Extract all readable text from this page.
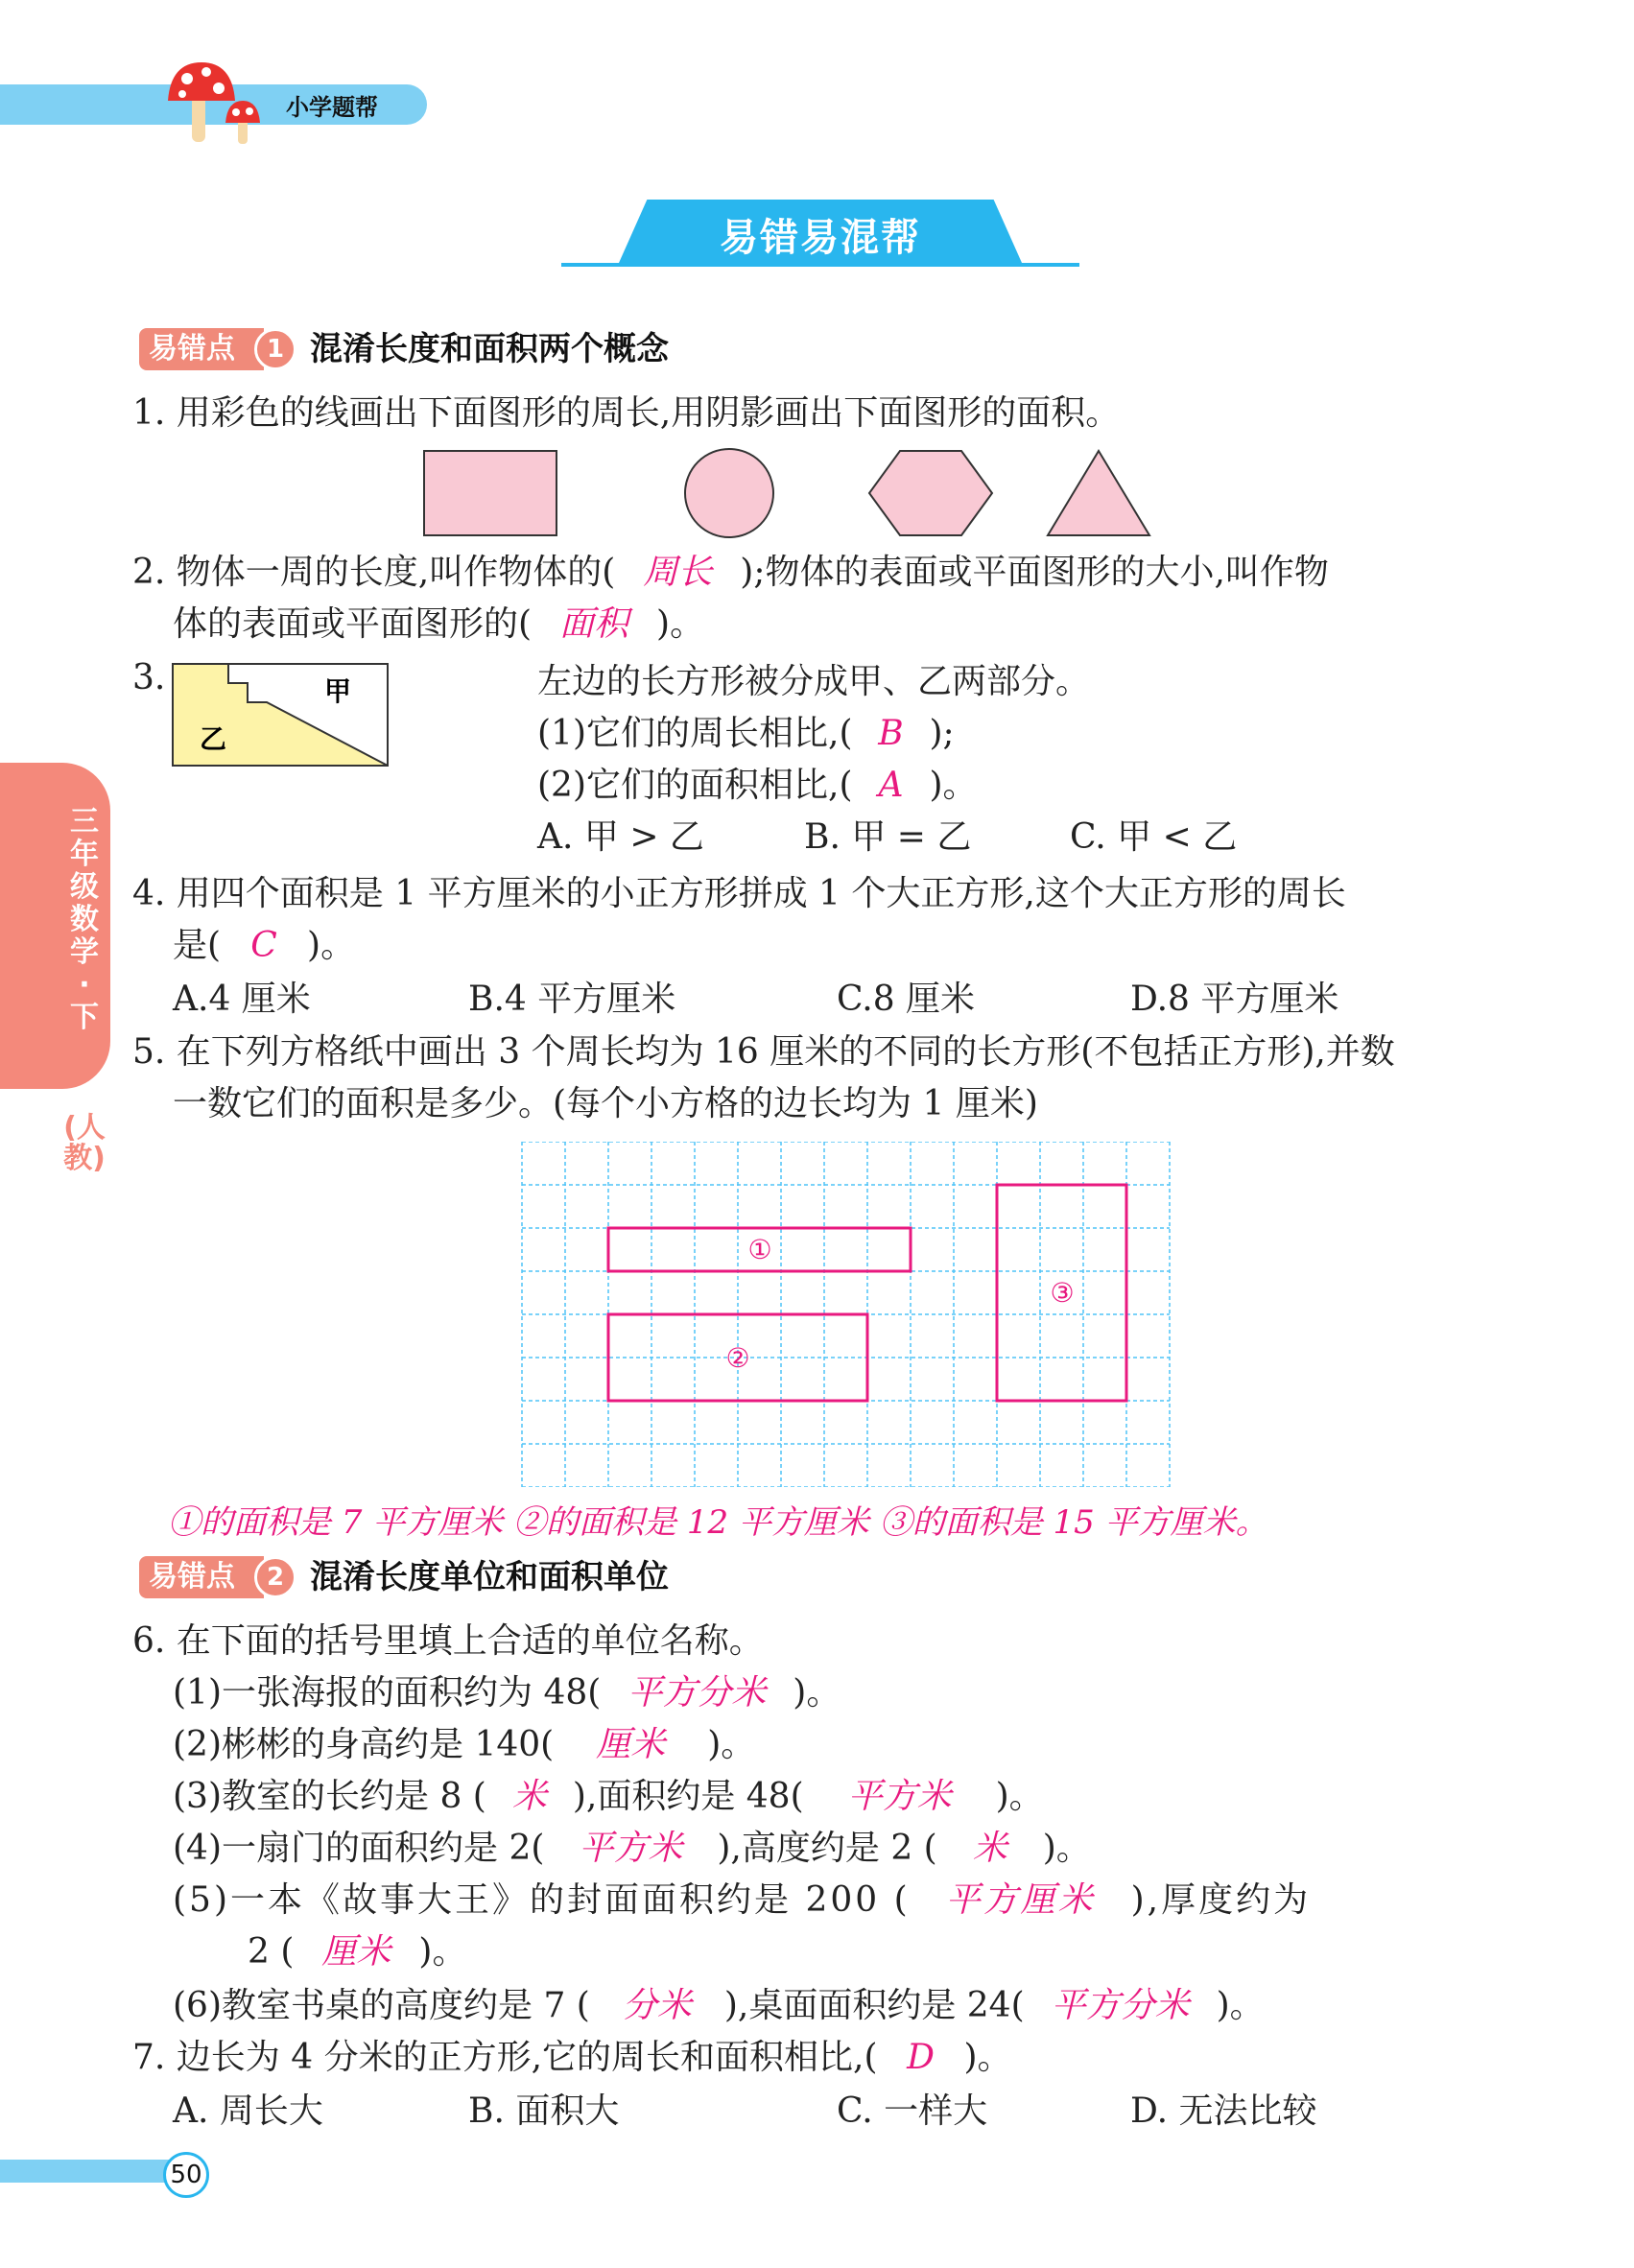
小学题帮
易错易混帮
三
年
级
数
学
·
下
(人
教)
易错点	1 混淆长度和面积两个概念
1. 用彩色的线画出下面图形的周长,用阴影画出下面图形的面积。
2. 物体一周的长度,叫作物体的( 周长 );物体的表面或平面图形的大小,叫作物
体的表面或平面图形的( 面积 )。
3.	甲
乙
左边的长方形被分成甲、乙两部分。
(1)它们的周长相比,( B );
(2)它们的面积相比,( A )。
A. 甲 > 乙	B. 甲 = 乙	C. 甲 < 乙
4. 用四个面积是 1 平方厘米的小正方形拼成 1 个大正方形,这个大正方形的周长
是( C )。
A.4 厘米	B.4 平方厘米	C.8 厘米	D.8 平方厘米
5. 在下列方格纸中画出 3 个周长均为 16 厘米的不同的长方形(不包括正方形),并数
一数它们的面积是多少。(每个小方格的边长均为 1 厘米)
①
②
③
①的面积是 7 平方厘米 ②的面积是 12 平方厘米 ③的面积是 15 平方厘米。
易错点	2 混淆长度单位和面积单位
6. 在下面的括号里填上合适的单位名称。
(1)一张海报的面积约为 48( 平方分米 )。
(2)彬彬的身高约是 140( 厘米 )。
(3)教室的长约是 8 ( 米 ),面积约是 48( 平方米 )。
(4)一扇门的面积约是 2( 平方米 ),高度约是 2 ( 米 )。
(5)一本《故事大王》的封面面积约是 200 ( 平方厘米 ),厚度约为
2 ( 厘米 )。
(6)教室书桌的高度约是 7 ( 分米 ),桌面面积约是 24( 平方分米 )。
7. 边长为 4 分米的正方形,它的周长和面积相比,( D )。
A. 周长大	B. 面积大	C. 一样大	D. 无法比较
50
